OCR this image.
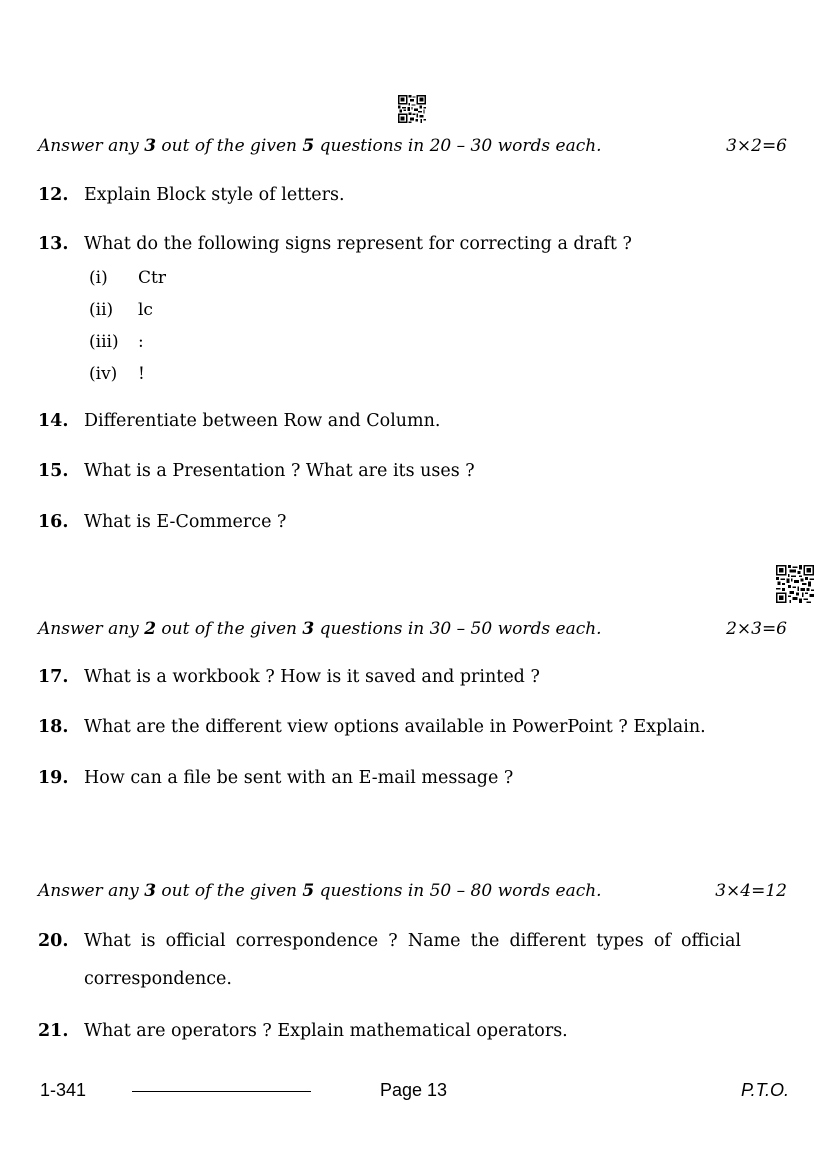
Answer any 3 out of the given 5 questions in 20 – 30 words each.	3×2=6
12. Explain Block style of letters.
13. What do the following signs represent for correcting a draft ?
(i)	Ctr
(ii)	lc
(iii)	:
(iv)	!
14. Differentiate between Row and Column.
15. What is a Presentation ? What are its uses ?
16. What is E-Commerce ?
Answer any 2 out of the given 3 questions in 30 – 50 words each.	2×3=6
17. What is a workbook ? How is it saved and printed ?
18. What are the different view options available in PowerPoint ? Explain.
19. How can a file be sent with an E-mail message ?
Answer any 3 out of the given 5 questions in 50 – 80 words each.	3×4=12
20. What is official correspondence ? Name the different types of official correspondence.
21. What are operators ? Explain mathematical operators.
1-341	Page 13	P.T.O.
